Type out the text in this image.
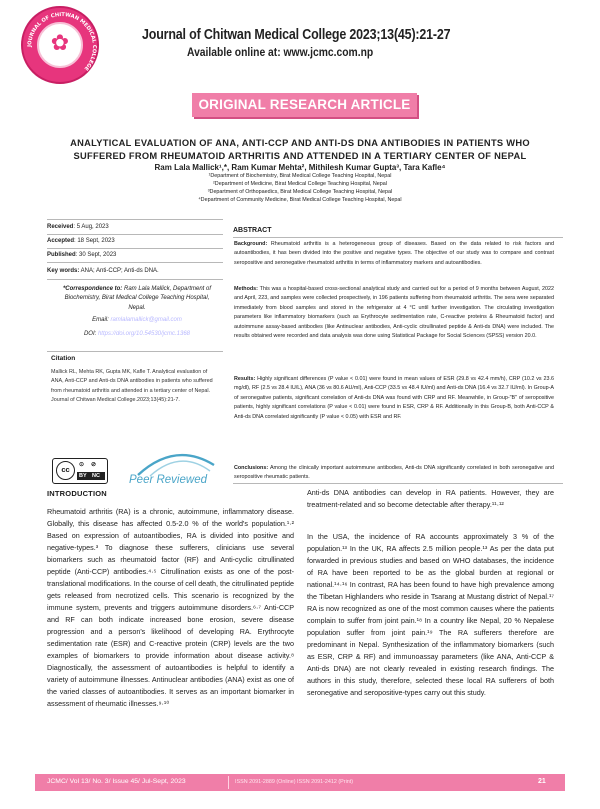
JOURNAL OF CHITWAN MEDICAL COLLEGE
✿	Journal of Chitwan Medical College 2023;13(45):21-27
Available online at: www.jcmc.com.np
ORIGINAL RESEARCH ARTICLE
ANALYTICAL EVALUATION OF ANA, ANTI-CCP AND ANTI-DS DNA ANTIBODIES IN PATIENTS WHO
SUFFERED FROM RHEUMATOID ARTHRITIS AND ATTENDED IN A TERTIARY CENTER OF NEPAL
Ram Lala Mallick¹,*, Ram Kumar Mehta², Mithilesh Kumar Gupta³, Tara Kafle⁴
¹Department of Biochemistry, Birat Medical College Teaching Hospital, Nepal
²Department of Medicine, Birat Medical College Teaching Hospital, Nepal
³Department of Orthopaedics, Birat Medical College Teaching Hospital, Nepal
⁴Department of Community Medicine, Birat Medical College Teaching Hospital, Nepal
Received: 5 Aug, 2023
Accepted: 18 Sept, 2023
Published: 30 Sept, 2023
Key words: ANA; Anti-CCP; Anti-ds DNA.
*Correspondence to: Ram Lala Mallick, Department of
Biochemistry, Birat Medical College Teaching Hospital,
Nepal.
Email: ramlalamallick@gmail.com
DOI: https://doi.org/10.54530/jcmc.1368
Citation
Mallick RL, Mehta RK, Gupta MK, Kafle T. Analytical evaluation of ANA, Anti-CCP and Anti-ds DNA antibodies in patients who suffered from rheumatoid arthritis and attended in a tertiary center of Nepal. Journal of Chitwan Medical College.2023;13(45):21-7.
cc	⊙ ⊘
BY NC	Peer Reviewed
ABSTRACT
Background: Rheumatoid arthritis is a heterogeneous group of diseases. Based on the data related to risk factors and autoantibodies, it has been divided into the positive and negative types. The objective of our study was to compare and contrast seropositive and seronegative rheumatoid arthritis in terms of inflammatory markers and autoantibodies.
Methods: This was a hospital-based cross-sectional analytical study and carried out for a period of 9 months between August, 2022 and April, 223, and samples were collected prospectively, in 196 patients suffering from rheumatoid arthritis. The sera were separated immediately from blood samples and stored in the refrigerator at 4 °C until further investigation. The circulating investigation parameters like inflammatory biomarkers (such as Erythrocyte sedimentation rate, C-reactive proteins & Rheumatoid factor) and autoimmune assay-based antibodies (like Antinuclear antibodies, Anti-cyclic citrullinated peptide & Anti-ds DNA) were included. The results obtained were recorded and data analysis was done using Statistical Package for Social Sciences (SPSS) version 20.0.
Results: Highly significant differences (P value < 0.01) were found in mean values of ESR (29.8 vs 42.4 mm/h), CRP (10.2 vs 23.6 mg/dl), RF (2.5 vs 28.4 IU/L), ANA (36 vs 80.6 AU/ml), Anti-CCP (33.5 vs 48.4 IU/ml) and Anti-ds DNA (16.4 vs 32.7 IU/ml). In Group-A of seronegative patients, significant correlation of Anti-ds DNA was found with CRP and RF. Meanwhile, in Group-"B" of seropositive patients, highly significant correlations (P value < 0.01) were found in ESR, CRP & RF. Additionally in this Group-B, both Anti-CCP & Anti-ds DNA correlated significantly (P value < 0.05) with ESR and RF.
Conclusions: Among the clinically important autoimmune antibodies, Anti-ds DNA significantly correlated in both seronegative and seropositive rheumatic patients.
INTRODUCTION
Rheumatoid arthritis (RA) is a chronic, autoimmune, inflammatory disease. Globally, this disease has affected 0.5-2.0 % of the world's population.¹·² Based on expression of autoantibodies, RA is divided into positive and negative-types.³ To diagnose these sufferers, clinicians use several biomarkers such as rheumatoid factor (RF) and Anti-cyclic citrullinated peptide (Anti-CCP) antibodies.⁴·⁵ Citrullination exists as one of the post-translational modifications. In the course of cell death, the citrullinated peptide gets released from necrotized cells. This scenario is recognized by the immune system, prevents and triggers autoimmune disorders.⁶·⁷ Anti-CCP and RF can both indicate increased bone erosion, severe disease progression and a person's likelihood of developing RA. Erythrocyte sedimentation rate (ESR) and C-reactive protein (CRP) levels are the two examples of biomarkers to provide information about disease activity.⁸ Diagnostically, the assessment of autoantibodies is helpful to identify a variety of autoimmune illnesses. Antinuclear antibodies (ANA) exist as one of the varied classes of autoantibodies. It serves as an important biomarker in assessment of rheumatic illnesses.⁹·¹⁰
Anti-ds DNA antibodies can develop in RA patients. However, they are treatment-related and so become detectable after therapy.¹¹·¹²
In the USA, the incidence of RA accounts approximately 3 % of the population.¹³ In the UK, RA affects 2.5 million people.¹³ As per the data put forwarded in previous studies and based on WHO databases, the incidence of RA have been reported to be as the global burden at regional or national.¹⁴·¹⁶ In contrast, RA has been found to have high prevalence among the Tibetan Highlanders who reside in Tsarang at Mustang district of Nepal.¹⁷ RA is now recognized as one of the most common causes where the patients complain to suffer from joint pain.¹⁸ In a country like Nepal, 20 % Nepalese population suffer from joint pain.¹⁹ The RA sufferers therefore are predominant in Nepal. Synthesization of the inflammatory biomarkers (such as ESR, CRP & RF) and immunoassay parameters (like ANA, Anti-CCP & Anti-ds DNA) are not clearly revealed in existing research findings. The authors in this study, therefore, selected these local RA sufferers of both seronegative and seropositive-types carry out this study.
JCMC/ Vol 13/ No. 3/ Issue 45/ Jul-Sept, 2023	ISSN 2091-2889 (Online) ISSN 2091-2412 (Print)	21
